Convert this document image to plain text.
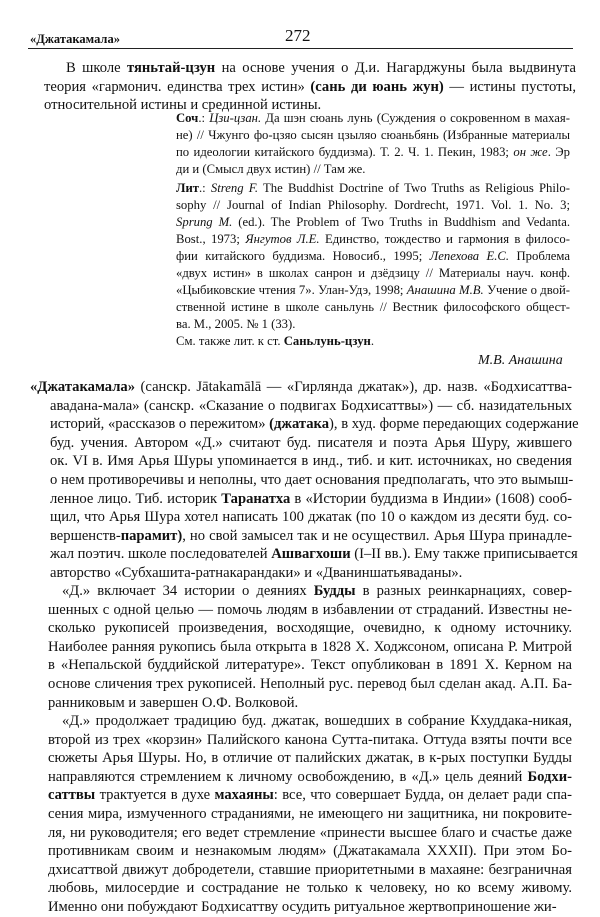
«Джатакамала»	272
В школе тяньтай-цзун на основе учения о Д.и. Нагарджуны была выдвинута
теория «гармонич. единства трех истин» (сань ди юань жун) — истины пустоты,
относительной истины и срединной истины.
Соч.: Цзи-цзан. Да шэн сюань лунь (Суждения о сокровенном в махая-
не) // Чжунго фо-цзяо сысян цзыляо сюаньбянь (Избранные материалы
по идеологии китайского буддизма). Т. 2. Ч. 1. Пекин, 1983; он же. Эр
ди и (Смысл двух истин) // Там же.
Лит.: Streng F. The Buddhist Doctrine of Two Truths as Religious Philo-
sophy // Journal of Indian Philosophy. Dordrecht, 1971. Vol. 1. No. 3;
Sprung M. (ed.). The Problem of Two Truths in Buddhism and Vedanta.
Bost., 1973; Янгутов Л.Е. Единство, тождество и гармония в филосо-
фии китайского буддизма. Новосиб., 1995; Лепехова Е.С. Проблема
«двух истин» в школах санрон и дзёдзицу // Материалы науч. конф.
«Цыбиковские чтения 7». Улан-Удэ, 1998; Анашина М.В. Учение о двой-
ственной истине в школе саньлунь // Вестник философского общест-
ва. М., 2005. № 1 (33).
См. также лит. к ст. Саньлунь-цзун.
М.В. Анашина
«Джатакамала» (санскр. Jātakamālā — «Гирлянда джатак»), др. назв. «Бодхисаттва-
авадана-мала» (санскр. «Сказание о подвигах Бодхисаттвы») — сб. назидательных
историй, «рассказов о пережитом» (джатака), в худ. форме передающих содержание
буд. учения. Автором «Д.» считают буд. писателя и поэта Арья Шуру, жившего
ок. VI в. Имя Арья Шуры упоминается в инд., тиб. и кит. источниках, но сведения
о нем противоречивы и неполны, что дает основания предполагать, что это вымыш-
ленное лицо. Тиб. историк Таранатха в «Истории буддизма в Индии» (1608) сооб-
щил, что Арья Шура хотел написать 100 джатак (по 10 о каждом из десяти буд. со-
вершенств-парамит), но свой замысел так и не осуществил. Арья Шура принадле-
жал поэтич. школе последователей Ашвагхоши (I–II вв.). Ему также приписывается
авторство «Субхашита-ратнакарандаки» и «Дваниншатьяваданы».
«Д.» включает 34 истории о деяниях Будды в разных реинкарнациях, совер-
шенных с одной целью — помочь людям в избавлении от страданий. Известны не-
сколько рукописей произведения, восходящие, очевидно, к одному источнику.
Наиболее ранняя рукопись была открыта в 1828 Х. Ходжсоном, описана Р. Митрой
в «Непальской буддийской литературе». Текст опубликован в 1891 Х. Керном на
основе сличения трех рукописей. Неполный рус. перевод был сделан акад. А.П. Ба-
ранниковым и завершен О.Ф. Волковой.
«Д.» продолжает традицию буд. джатак, вошедших в собрание Кхуддака-никая,
второй из трех «корзин» Палийского канона Сутта-питака. Оттуда взяты почти все
сюжеты Арья Шуры. Но, в отличие от палийских джатак, в к-рых поступки Будды
направляются стремлением к личному освобождению, в «Д.» цель деяний Бодхи-
саттвы трактуется в духе махаяны: все, что совершает Будда, он делает ради спа-
сения мира, измученного страданиями, не имеющего ни защитника, ни покровите-
ля, ни руководителя; его ведет стремление «принести высшее благо и счастье даже
противникам своим и незнакомым людям» (Джатакамала XXXII). При этом Бо-
дхисаттвой движут добродетели, ставшие приоритетными в махаяне: безграничная
любовь, милосердие и сострадание не только к человеку, но ко всему живому.
Именно они побуждают Бодхисаттву осудить ритуальное жертвоприношение жи-
